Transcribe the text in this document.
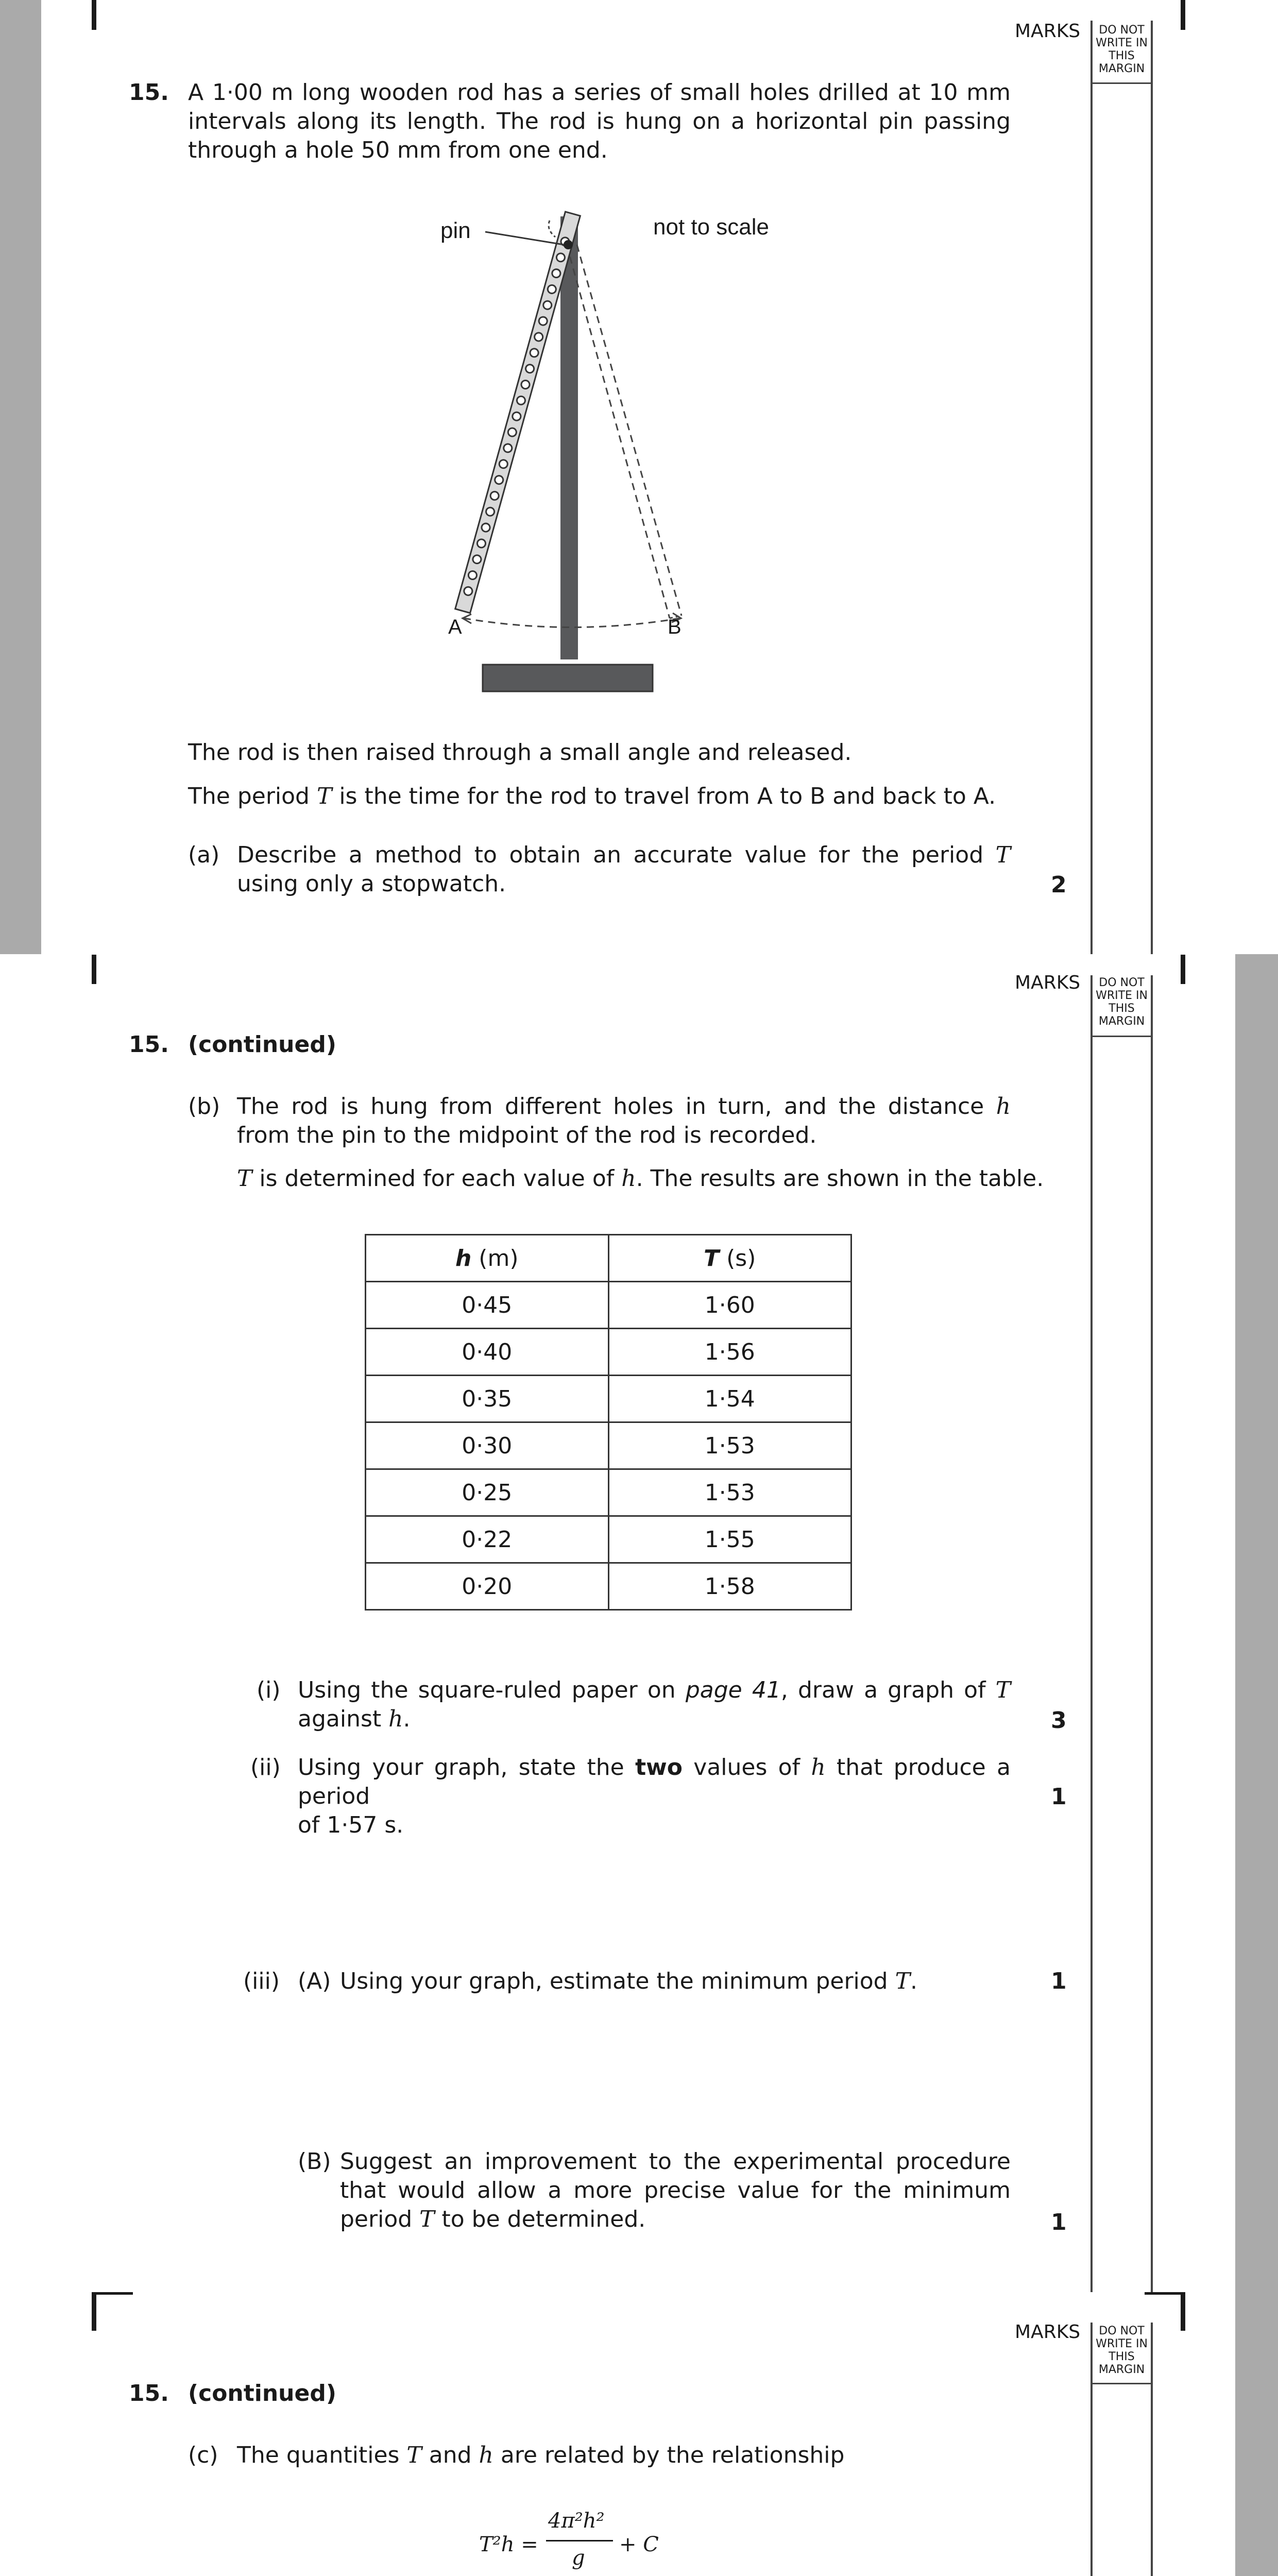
MARKS	DO NOT
WRITE IN
THIS
MARGIN
MARKS	DO NOT
WRITE IN
THIS
MARGIN
MARKS	DO NOT
WRITE IN
THIS
MARGIN
15. A 1·00 m long wooden rod has a series of small holes drilled at 10 mm intervals along its length. The rod is hung on a horizontal pin passing through a hole 50 mm from one end.
pin	not to scale
A	B
The rod is then raised through a small angle and released.
The period T is the time for the rod to travel from A to B and back to A.
(a) Describe a method to obtain an accurate value for the period T using only a stopwatch.	2
15. (continued)
(b) The rod is hung from different holes in turn, and the distance h from the pin to the midpoint of the rod is recorded.
T is determined for each value of h. The results are shown in the table.
h (m)	T (s)
0·45	1·60
0·40	1·56
0·35	1·54
0·30	1·53
0·25	1·53
0·22	1·55
0·20	1·58
(i) Using the square-ruled paper on page 41, draw a graph of T
against h.	3
(ii) Using your graph, state the two values of h that produce a period
of 1·57 s.
1
(iii) (A) Using your graph, estimate the minimum period T.	1
(B) Suggest an improvement to the experimental procedure that would allow a more precise value for the minimum period T to be determined.	1
15. (continued)
(c) The quantities T and h are related by the relationship
T²h =
4π²h²
g
+ C
